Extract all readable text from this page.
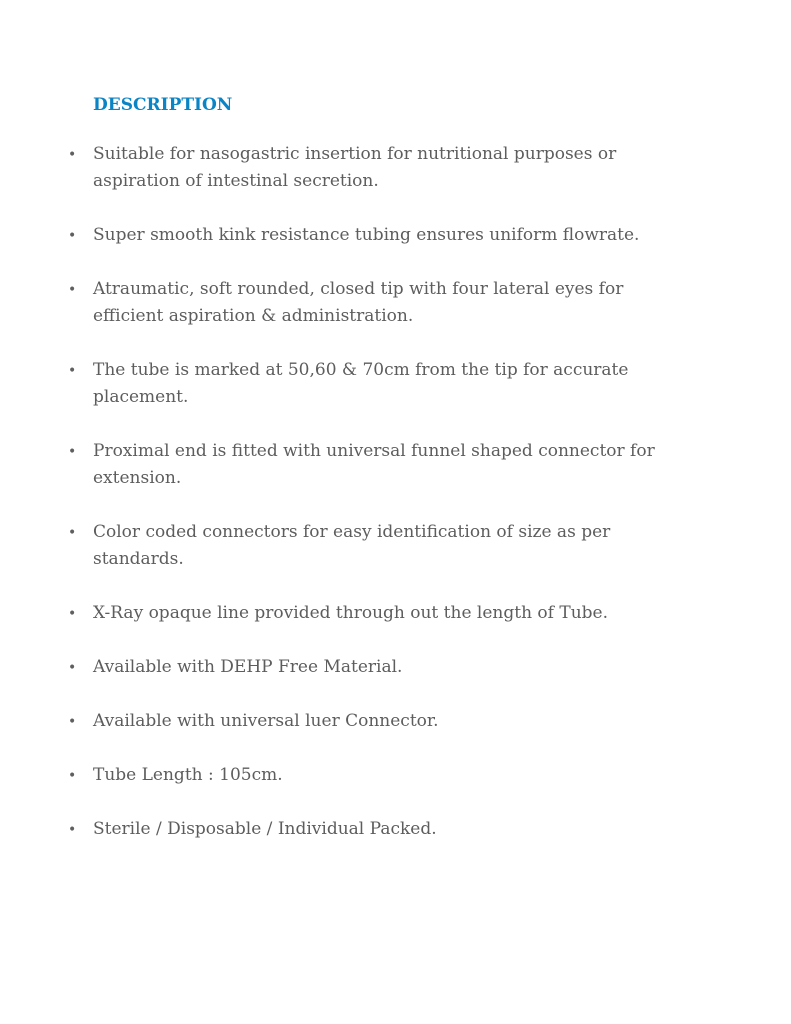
DESCRIPTION
• Suitable for nasogastric insertion for nutritional purposes or
aspiration of intestinal secretion.
• Super smooth kink resistance tubing ensures uniform flowrate.
• Atraumatic, soft rounded, closed tip with four lateral eyes for
efficient aspiration & administration.
• The tube is marked at 50,60 & 70cm from the tip for accurate
placement.
• Proximal end is fitted with universal funnel shaped connector for
extension.
• Color coded connectors for easy identification of size as per
standards.
• X-Ray opaque line provided through out the length of Tube.
• Available with DEHP Free Material.
• Available with universal luer Connector.
• Tube Length : 105cm.
• Sterile / Disposable / Individual Packed.
